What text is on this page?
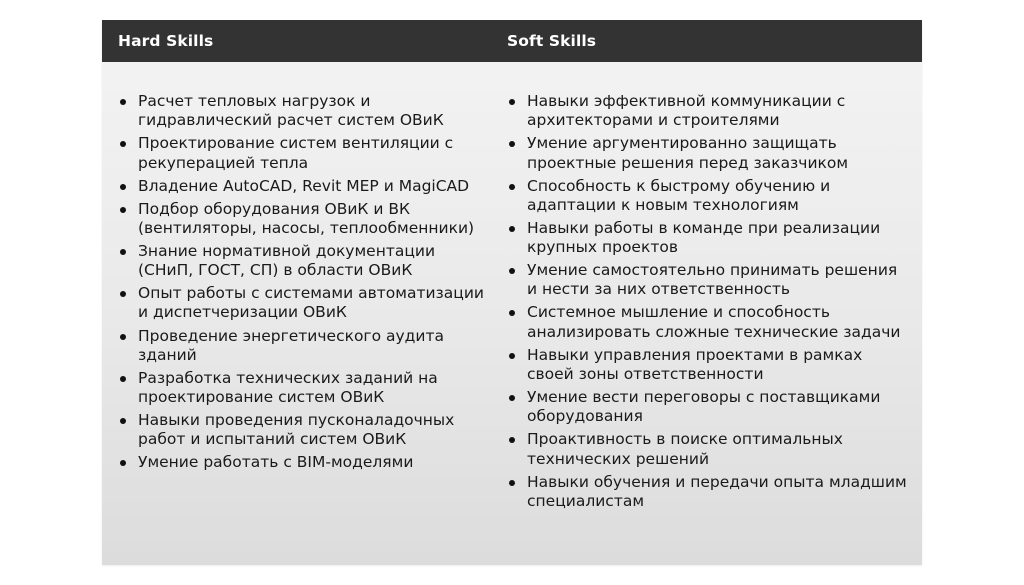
Hard Skills	Soft Skills
Расчет тепловых нагрузок и гидравлический расчет систем ОВиК
Проектирование систем вентиляции с рекуперацией тепла
Владение AutoCAD, Revit MEP и MagiCAD
Подбор оборудования ОВиК и ВК (вентиляторы, насосы, теплообменники)
Знание нормативной документации (СНиП, ГОСТ, СП) в области ОВиК
Опыт работы с системами автоматизации и диспетчеризации ОВиК
Проведение энергетического аудита зданий
Разработка технических заданий на проектирование систем ОВиК
Навыки проведения пусконаладочных работ и испытаний систем ОВиК
Умение работать с BIM-моделями
Навыки эффективной коммуникации с архитекторами и строителями
Умение аргументированно защищать проектные решения перед заказчиком
Способность к быстрому обучению и адаптации к новым технологиям
Навыки работы в команде при реализации крупных проектов
Умение самостоятельно принимать решения и нести за них ответственность
Системное мышление и способность анализировать сложные технические задачи
Навыки управления проектами в рамках своей зоны ответственности
Умение вести переговоры с поставщиками оборудования
Проактивность в поиске оптимальных технических решений
Навыки обучения и передачи опыта младшим специалистам
